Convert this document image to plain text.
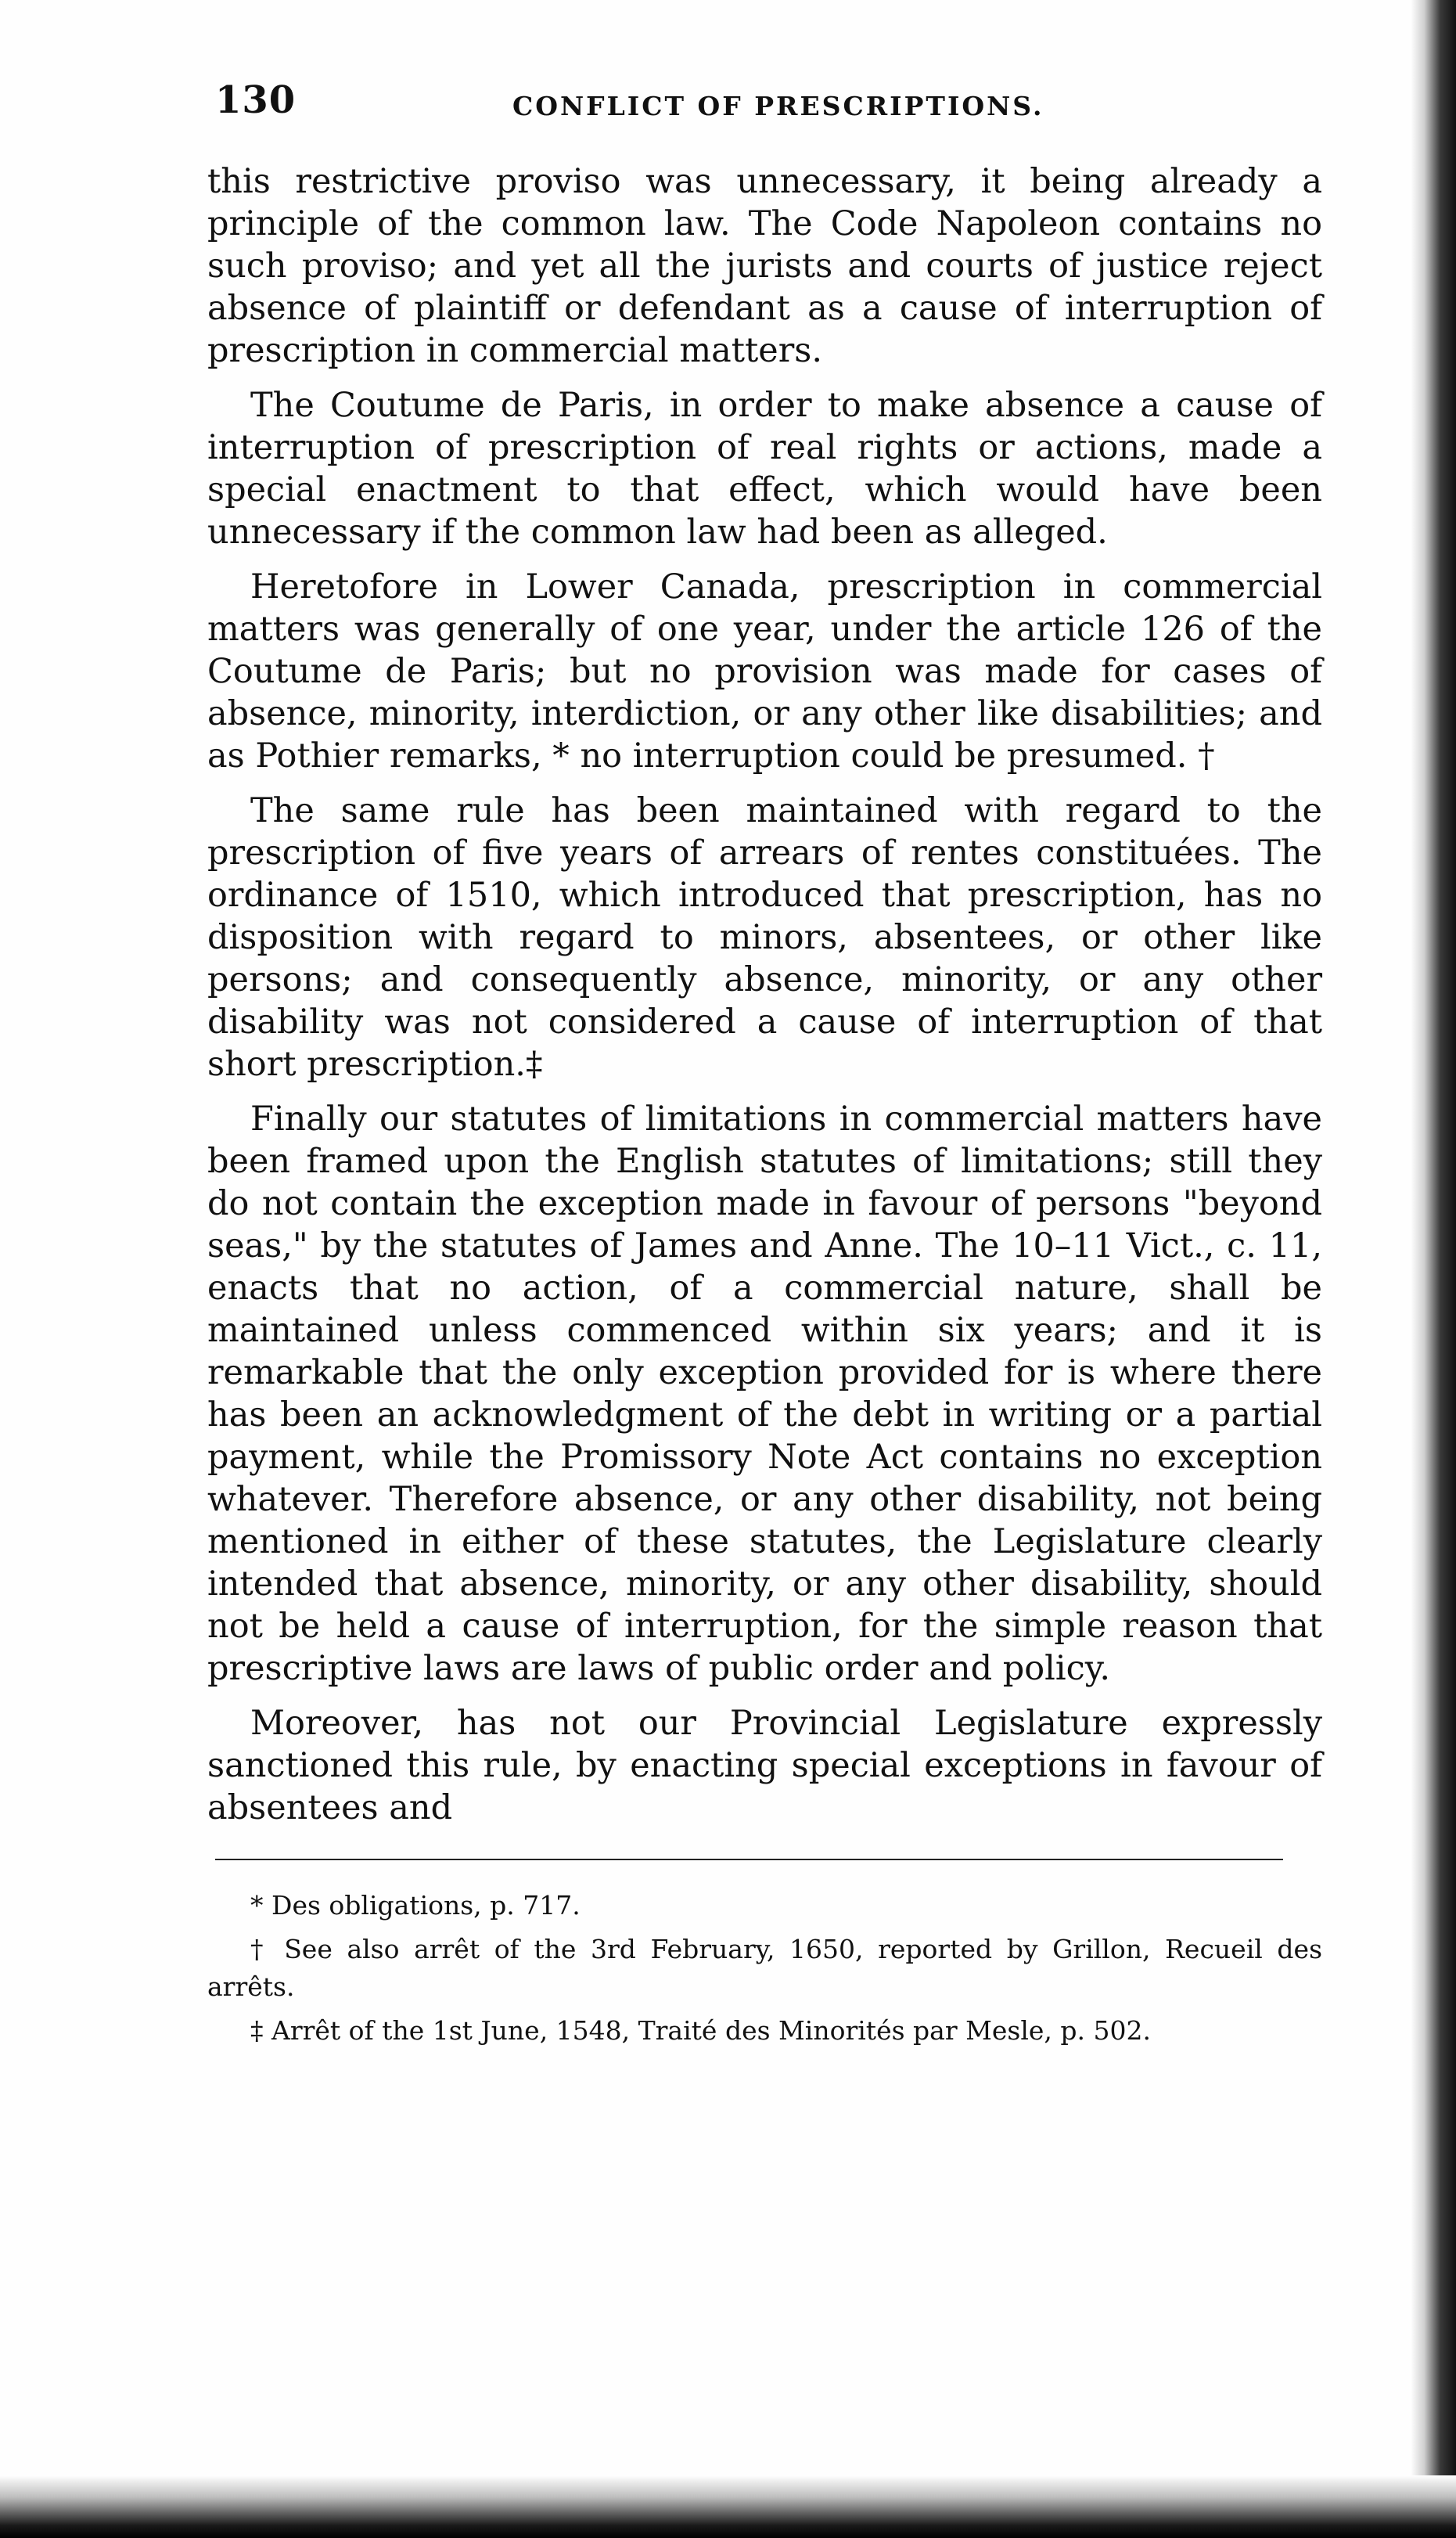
130	CONFLICT OF PRESCRIPTIONS.

this restrictive proviso was unnecessary, it being already a principle of the common law. The Code Napoleon contains no such proviso; and yet all the jurists and courts of justice reject absence of plaintiff or defendant as a cause of interruption of prescription in commercial matters.

The Coutume de Paris, in order to make absence a cause of interruption of prescription of real rights or actions, made a special enactment to that effect, which would have been unnecessary if the common law had been as alleged.

Heretofore in Lower Canada, prescription in commercial matters was generally of one year, under the article 126 of the Coutume de Paris; but no provision was made for cases of absence, minority, interdiction, or any other like disabilities; and as Pothier remarks, * no interruption could be presumed. †

The same rule has been maintained with regard to the prescription of five years of arrears of rentes constituées. The ordinance of 1510, which introduced that prescription, has no disposition with regard to minors, absentees, or other like persons; and consequently absence, minority, or any other disability was not considered a cause of interruption of that short prescription.‡

Finally our statutes of limitations in commercial matters have been framed upon the English statutes of limitations; still they do not contain the exception made in favour of persons "beyond seas," by the statutes of James and Anne. The 10–11 Vict., c. 11, enacts that no action, of a commercial nature, shall be maintained unless commenced within six years; and it is remarkable that the only exception provided for is where there has been an acknowledgment of the debt in writing or a partial payment, while the Promissory Note Act contains no exception whatever. Therefore absence, or any other disability, not being mentioned in either of these statutes, the Legislature clearly intended that absence, minority, or any other disability, should not be held a cause of interruption, for the simple reason that prescriptive laws are laws of public order and policy.

Moreover, has not our Provincial Legislature expressly sanctioned this rule, by enacting special exceptions in favour of absentees and

* Des obligations, p. 717.

† See also arrêt of the 3rd February, 1650, reported by Grillon, Recueil des arrêts.

‡ Arrêt of the 1st June, 1548, Traité des Minorités par Mesle, p. 502.
